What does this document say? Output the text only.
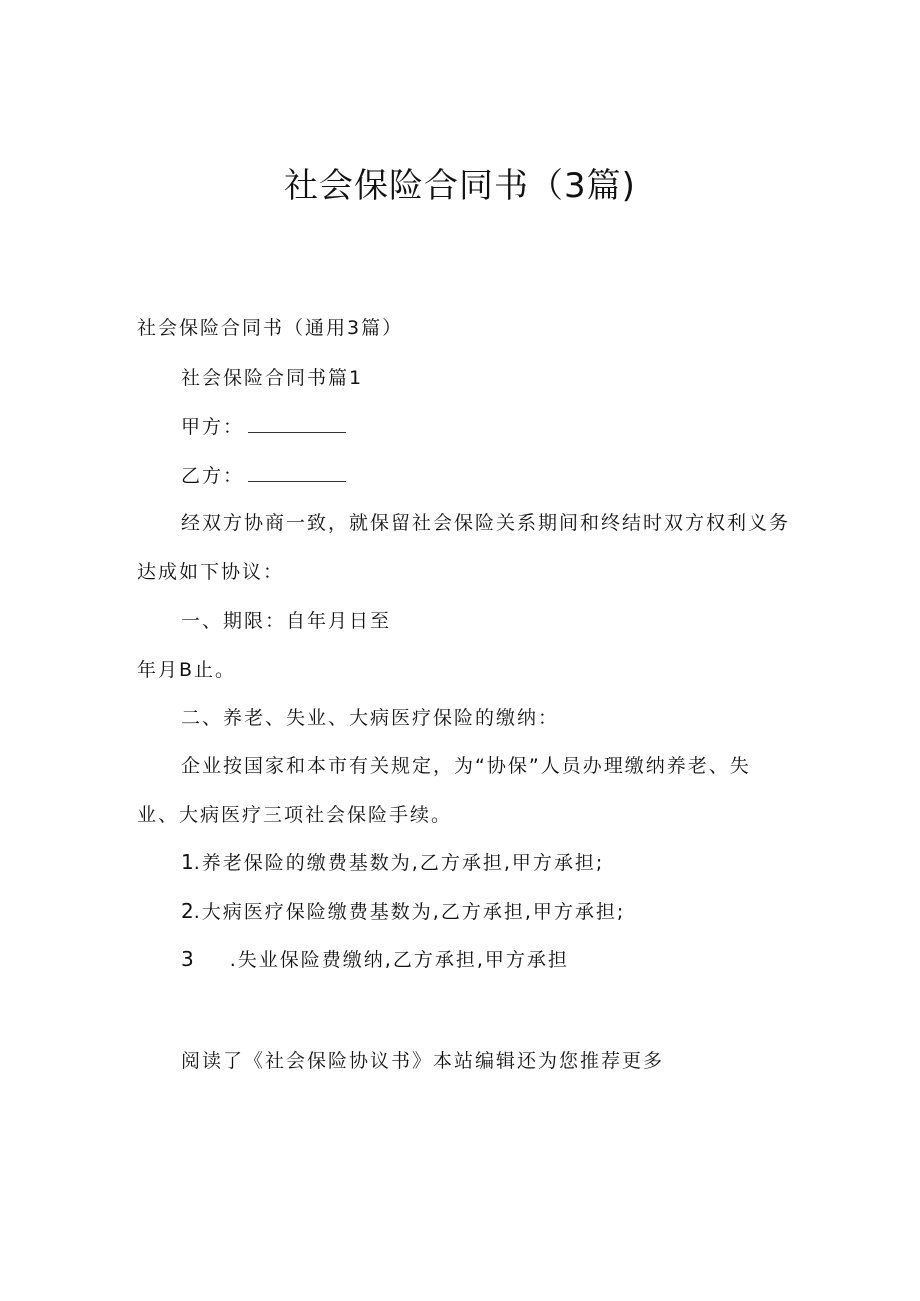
社会保险合同书（3篇)
社会保险合同书（通用3篇）
社会保险合同书篇1
甲方：
乙方：
经双方协商一致，就保留社会保险关系期间和终结时双方权利义务
达成如下协议：
一、期限：自年月日至
年月B止。
二、养老、失业、大病医疗保险的缴纳：
企业按国家和本市有关规定，为“协保”人员办理缴纳养老、失
业、大病医疗三项社会保险手续。
1.养老保险的缴费基数为,乙方承担,甲方承担;
2.大病医疗保险缴费基数为,乙方承担,甲方承担;
3 .失业保险费缴纳,乙方承担,甲方承担
阅读了《社会保险协议书》本站编辑还为您推荐更多
